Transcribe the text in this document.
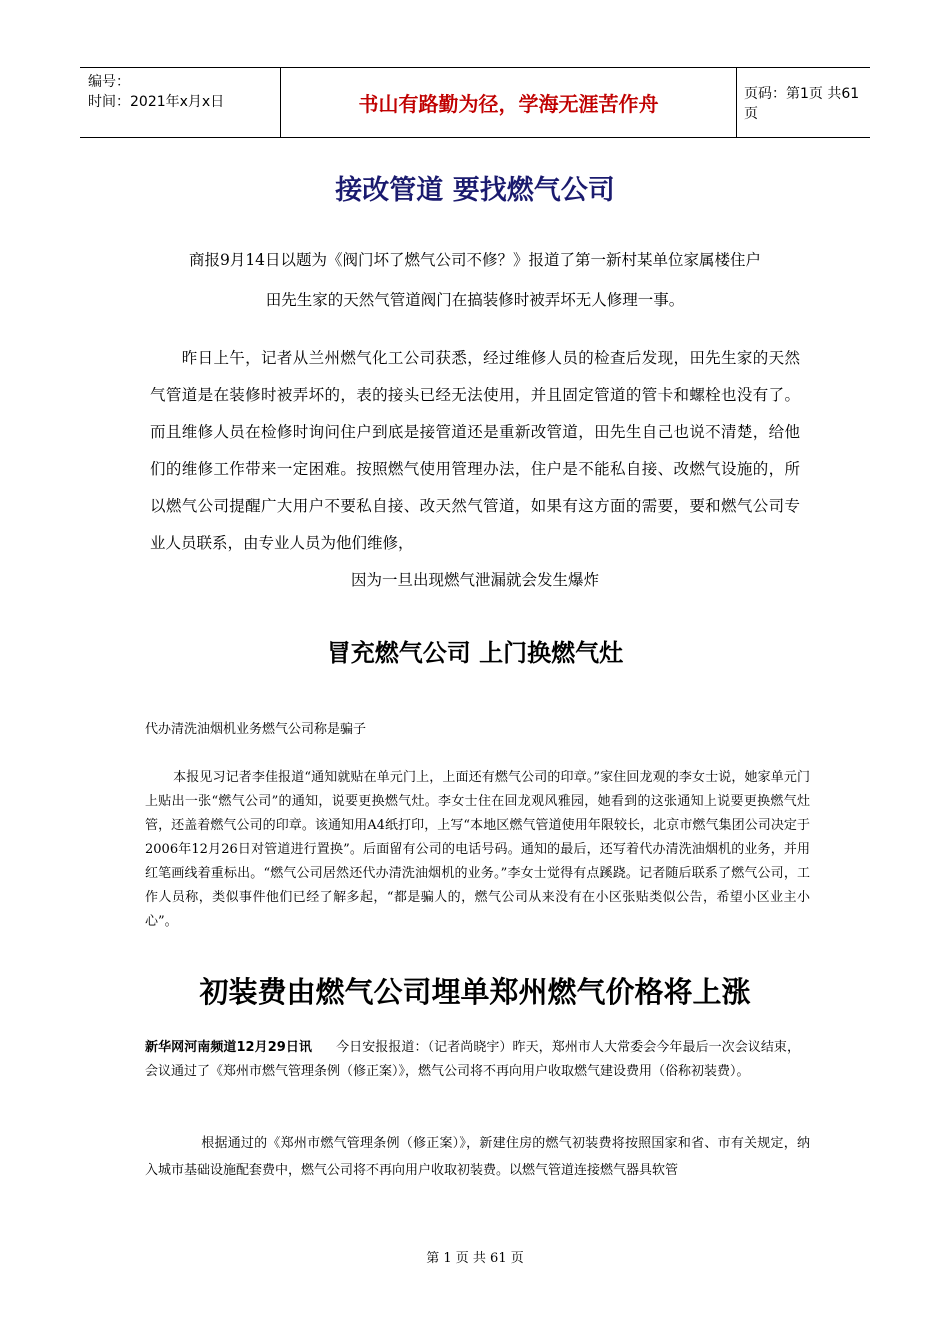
编号：
时间：2021年x月x日	书山有路勤为径，学海无涯苦作舟	页码：第1页 共61页
接改管道 要找燃气公司
商报9月14日以题为《阀门坏了燃气公司不修？》报道了第一新村某单位家属楼住户
田先生家的天然气管道阀门在搞装修时被弄坏无人修理一事。
　　昨日上午，记者从兰州燃气化工公司获悉，经过维修人员的检查后发现，田先生家的天然气管道是在装修时被弄坏的，表的接头已经无法使用，并且固定管道的管卡和螺栓也没有了。而且维修人员在检修时询问住户到底是接管道还是重新改管道，田先生自己也说不清楚，给他们的维修工作带来一定困难。按照燃气使用管理办法，住户是不能私自接、改燃气设施的，所以燃气公司提醒广大用户不要私自接、改天然气管道，如果有这方面的需要，要和燃气公司专业人员联系，由专业人员为他们维修，
因为一旦出现燃气泄漏就会发生爆炸
冒充燃气公司 上门换燃气灶
代办清洗油烟机业务燃气公司称是骗子
本报见习记者李佳报道“通知就贴在单元门上，上面还有燃气公司的印章。”家住回龙观的李女士说，她家单元门上贴出一张“燃气公司”的通知，说要更换燃气灶。李女士住在回龙观风雅园，她看到的这张通知上说要更换燃气灶管，还盖着燃气公司的印章。该通知用A4纸打印，上写“本地区燃气管道使用年限较长，北京市燃气集团公司决定于2006年12月26日对管道进行置换”。后面留有公司的电话号码。通知的最后，还写着代办清洗油烟机的业务，并用红笔画线着重标出。“燃气公司居然还代办清洗油烟机的业务。”李女士觉得有点蹊跷。记者随后联系了燃气公司，工作人员称，类似事件他们已经了解多起，“都是骗人的，燃气公司从来没有在小区张贴类似公告，希望小区业主小心”。
初装费由燃气公司埋单郑州燃气价格将上涨
新华网河南频道12月29日讯 今日安报报道：（记者尚晓宇）昨天，郑州市人大常委会今年最后一次会议结束，会议通过了《郑州市燃气管理条例（修正案）》，燃气公司将不再向用户收取燃气建设费用（俗称初装费）。
根据通过的《郑州市燃气管理条例（修正案）》，新建住房的燃气初装费将按照国家和省、市有关规定，纳入城市基础设施配套费中，燃气公司将不再向用户收取初装费。以燃气管道连接燃气器具软管
第 1 页 共 61 页
